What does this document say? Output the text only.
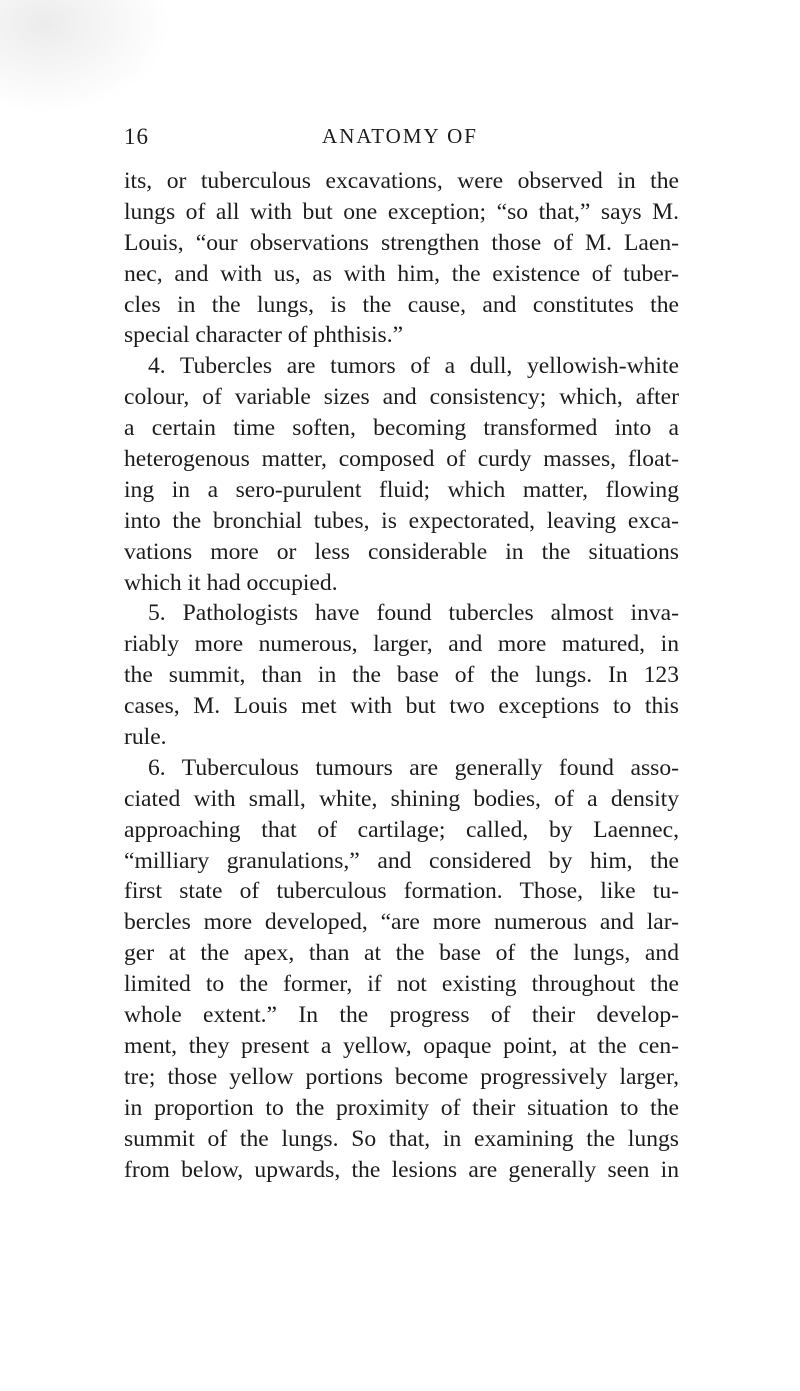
16	ANATOMY OF
its, or tuberculous excavations, were observed in the
lungs of all with but one exception; “so that,” says M.
Louis, “our observations strengthen those of M. Laen-
nec, and with us, as with him, the existence of tuber-
cles in the lungs, is the cause, and constitutes the
special character of phthisis.”
4. Tubercles are tumors of a dull, yellowish-white
colour, of variable sizes and consistency; which, after
a certain time soften, becoming transformed into a
heterogenous matter, composed of curdy masses, float-
ing in a sero-purulent fluid; which matter, flowing
into the bronchial tubes, is expectorated, leaving exca-
vations more or less considerable in the situations
which it had occupied.
5. Pathologists have found tubercles almost inva-
riably more numerous, larger, and more matured, in
the summit, than in the base of the lungs. In 123
cases, M. Louis met with but two exceptions to this
rule.
6. Tuberculous tumours are generally found asso-
ciated with small, white, shining bodies, of a density
approaching that of cartilage; called, by Laennec,
“milliary granulations,” and considered by him, the
first state of tuberculous formation. Those, like tu-
bercles more developed, “are more numerous and lar-
ger at the apex, than at the base of the lungs, and
limited to the former, if not existing throughout the
whole extent.” In the progress of their develop-
ment, they present a yellow, opaque point, at the cen-
tre; those yellow portions become progressively larger,
in proportion to the proximity of their situation to the
summit of the lungs. So that, in examining the lungs
from below, upwards, the lesions are generally seen in
